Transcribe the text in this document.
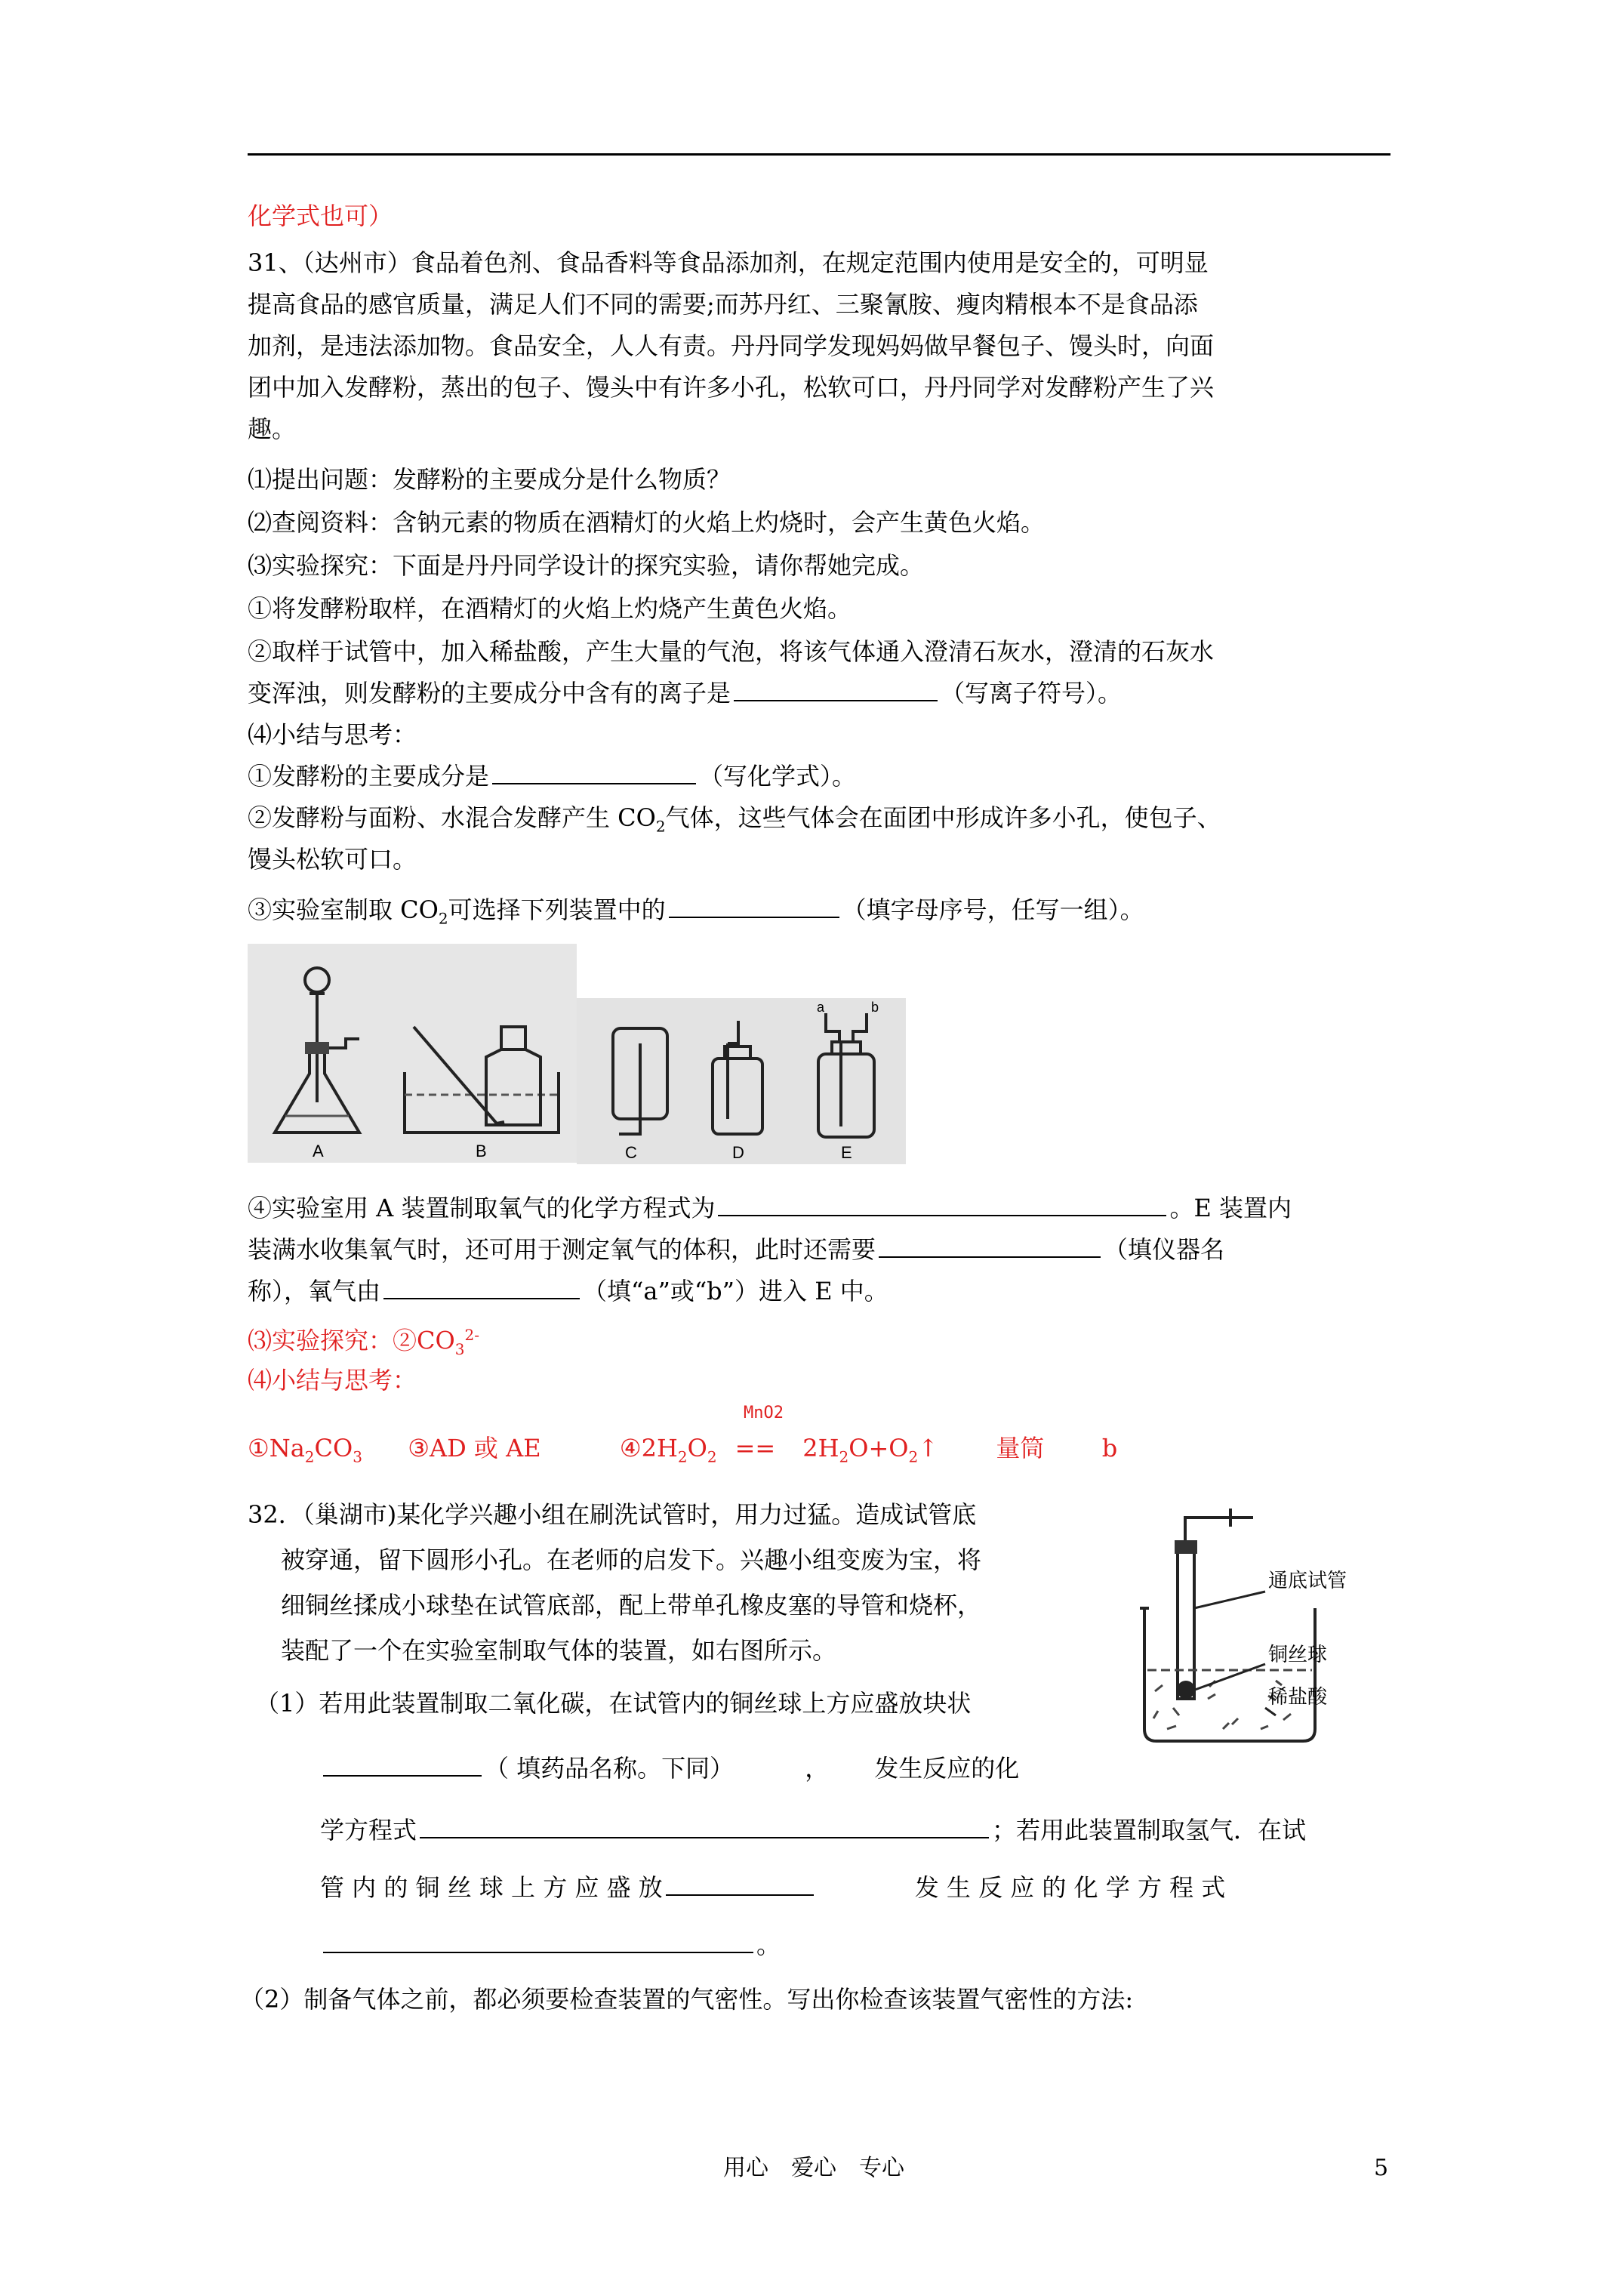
化学式也可）
31、（达州市）食品着色剂、食品香料等食品添加剂，在规定范围内使用是安全的，可明显
提高食品的感官质量，满足人们不同的需要;而苏丹红、三聚氰胺、瘦肉精根本不是食品添
加剂，是违法添加物。食品安全，人人有责。丹丹同学发现妈妈做早餐包子、馒头时，向面
团中加入发酵粉，蒸出的包子、馒头中有许多小孔，松软可口，丹丹同学对发酵粉产生了兴
趣。
⑴提出问题：发酵粉的主要成分是什么物质？
⑵查阅资料：含钠元素的物质在酒精灯的火焰上灼烧时，会产生黄色火焰。
⑶实验探究：下面是丹丹同学设计的探究实验，请你帮她完成。
①将发酵粉取样，在酒精灯的火焰上灼烧产生黄色火焰。
②取样于试管中，加入稀盐酸，产生大量的气泡，将该气体通入澄清石灰水，澄清的石灰水
变浑浊，则发酵粉的主要成分中含有的离子是	（写离子符号）。
⑷小结与思考：
①发酵粉的主要成分是	（写化学式）。
②发酵粉与面粉、水混合发酵产生 $CO_2$气体，这些气体会在面团中形成许多小孔，使包子、
馒头松软可口。
③实验室制取 $CO_2$可选择下列装置中的	（填字母序号，任写一组）。
A	B
a	b
C	D	E
④实验室用 A 装置制取氧气的化学方程式为	。E 装置内
装满水收集氧气时，还可用于测定氧气的体积，此时还需要	（填仪器名
称），氧气由	（填“a”或“b”）进入 E 中。
⑶实验探究：$②CO_3^{2-}$
⑷小结与思考：
MnO2
$①Na_2CO_3$ ③AD 或 AE	$④2H_2O_2$ == $2H_2O+O_2↑$ 量筒 b
32．（巢湖市)某化学兴趣小组在刷洗试管时，用力过猛。造成试管底
被穿通，留下圆形小孔。在老师的启发下。兴趣小组变废为宝，将
细铜丝揉成小球垫在试管底部，配上带单孔橡皮塞的导管和烧杯，
装配了一个在实验室制取气体的装置，如右图所示。
（1）若用此装置制取二氧化碳，在试管内的铜丝球上方应盛放块状
（ 填药品名称。下同）	， 发生反应的化
学方程式	；若用此装置制取氢气．在试
管 内 的 铜 丝 球 上 方 应 盛 放	发 生 反 应 的 化 学 方 程 式
。
（2）制备气体之前，都必须要检查装置的气密性。写出你检查该装置气密性的方法:
通底试管
铜丝球
稀盐酸
用心　爱心　专心	5
